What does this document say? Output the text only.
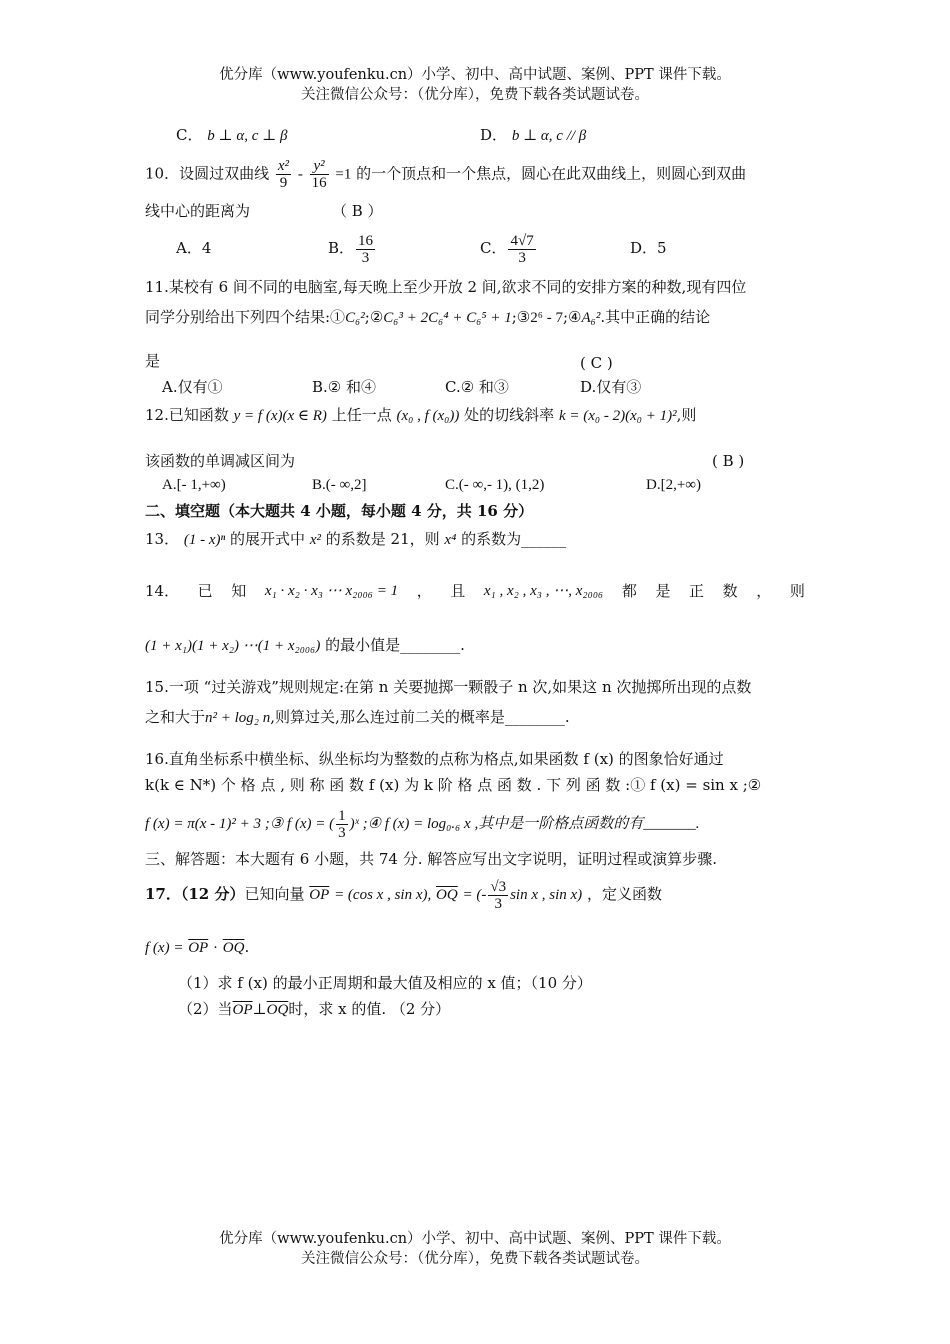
优分库（www.youfenku.cn）小学、初中、高中试题、案例、PPT 课件下载。
关注微信公众号：（优分库），免费下载各类试题试卷。
C． b ⊥ α, c ⊥ β	D． b ⊥ α, c // β
10．设圆过双曲线 $\frac{\text{x²}}{9} - \frac{\text{y²}}{16} =1$ 的一个顶点和一个焦点，圆心在此双曲线上，则圆心到双曲
线中心的距离为	（ B ）
A．4	B． $\frac{16}{3}$	C． $\frac{4√7}{3}$	D．5
11.某校有 6 间不同的电脑室,每天晚上至少开放 2 间,欲求不同的安排方案的种数,现有四位
同学分别给出下列四个结果:①C₆²;②C₆³ + 2C₆⁴ + C₆⁵ + 1;③2⁶ - 7;④A₆².其中正确的结论
是	( C )
A.仅有①	B.② 和④	C.② 和③	D.仅有③
12.已知函数 y = f (x)(x ∈ R) 上任一点 (x₀ , f (x₀)) 处的切线斜率 k = (x₀ - 2)(x₀ + 1)²,则
该函数的单调减区间为	( B )
A.[- 1,+∞)	B.(- ∞,2]	C.(- ∞,- 1), (1,2)	D.[2,+∞)
二、填空题（本大题共 4 小题，每小题 4 分，共 16 分）
13． (1 - x)ⁿ 的展开式中 x² 的系数是 21，则 x⁴ 的系数为______
14． 已 知 x₁ · x₂ · x₃ ⋯ x₂₀₀₆ = 1 ， 且 x₁ , x₂ , x₃ , ⋯, x₂₀₀₆ 都 是 正 数 ， 则
(1 + x₁)(1 + x₂) ⋯(1 + x₂₀₀₆) 的最小值是________.
15.一项 “过关游戏”规则规定:在第 n 关要抛掷一颗骰子 n 次,如果这 n 次抛掷所出现的点数
之和大于n² + log₂ n,则算过关,那么连过前二关的概率是________.
16.直角坐标系中横坐标、纵坐标均为整数的点称为格点,如果函数 f (x) 的图象恰好通过
k(k ∈ N*) 个 格 点 , 则 称 函 数 f (x) 为 k 阶 格 点 函 数 . 下 列 函 数 :① f (x) = sin x ;②
f (x) = π(x - 1)² + 3 ;③ f (x) = ( $\frac{1}{3}$ )ˣ ;④ f (x) = log₀.₆ x ,其中是一阶格点函数的有_______.
三、解答题：本大题有 6 小题，共 74 分. 解答应写出文字说明，证明过程或演算步骤.
17．（12 分）已知向量 $\overline{OP} = (\cos$ x , sin x), $\overline{OQ}$ = (- $\frac{√3}{3}$ sin x , sin x) ，定义函数
f $(x) = \overline{OP} \cdot \overline{OQ}$.
（1）求 f (x) 的最小正周期和最大值及相应的 x 值；（10 分）
（2）当$\overline{OP}\perp\overline{OQ}$时，求 x 的值. （2 分）
优分库（www.youfenku.cn）小学、初中、高中试题、案例、PPT 课件下载。
关注微信公众号：（优分库），免费下载各类试题试卷。
